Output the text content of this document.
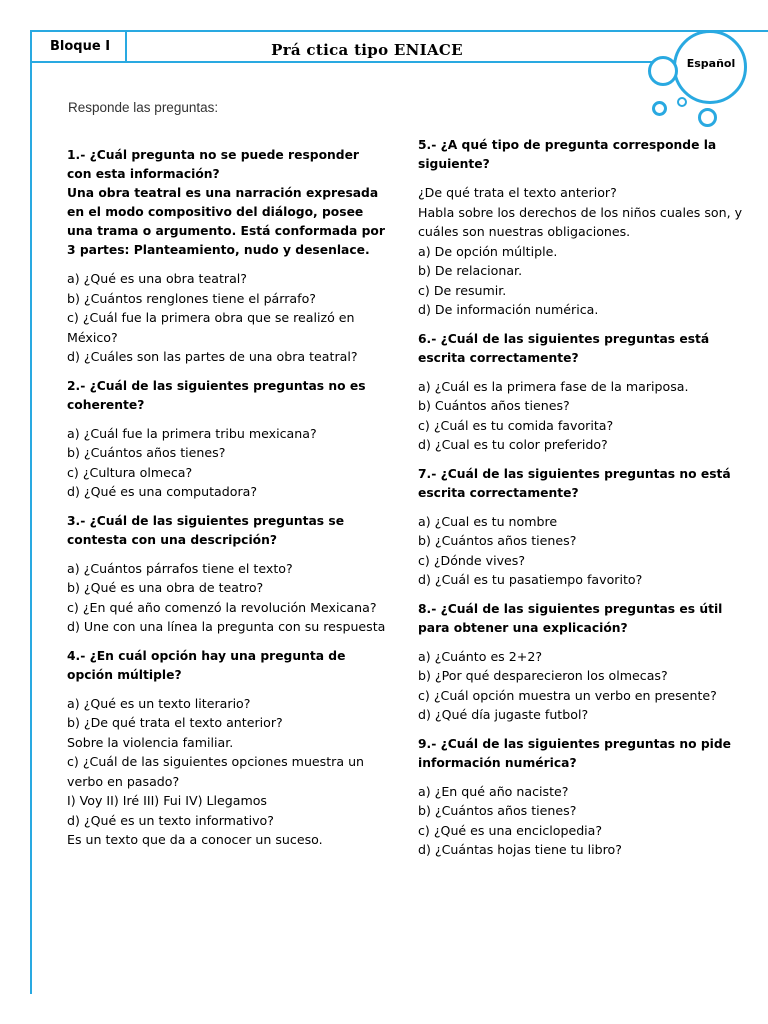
Bloque I	Prá ctica tipo ENIACE
Español
Responde las preguntas:
1.- ¿Cuál pregunta no se puede responder con esta información?
Una obra teatral es una narración expresada en el modo compositivo del diálogo, posee una trama o argumento. Está conformada por 3 partes: Planteamiento, nudo y desenlace.
a) ¿Qué es una obra teatral?
b) ¿Cuántos renglones tiene el párrafo?
c) ¿Cuál fue la primera obra que se realizó en México?
d) ¿Cuáles son las partes de una obra teatral?
2.- ¿Cuál de las siguientes preguntas no es coherente?
a) ¿Cuál fue la primera tribu mexicana?
b) ¿Cuántos años tienes?
c) ¿Cultura olmeca?
d) ¿Qué es una computadora?
3.- ¿Cuál de las siguientes preguntas se contesta con una descripción?
a) ¿Cuántos párrafos tiene el texto?
b) ¿Qué es una obra de teatro?
c) ¿En qué año comenzó la revolución Mexicana?
d) Une con una línea la pregunta con su respuesta
4.- ¿En cuál opción hay una pregunta de opción múltiple?
a) ¿Qué es un texto literario?
b) ¿De qué trata el texto anterior?
Sobre la violencia familiar.
c) ¿Cuál de las siguientes opciones muestra un verbo en pasado?
I) Voy II) Iré III) Fui IV) Llegamos
d) ¿Qué es un texto informativo?
Es un texto que da a conocer un suceso.
5.- ¿A qué tipo de pregunta corresponde la siguiente?
¿De qué trata el texto anterior?
Habla sobre los derechos de los niños cuales son, y cuáles son nuestras obligaciones.
a) De opción múltiple.
b) De relacionar.
c) De resumir.
d) De información numérica.
6.- ¿Cuál de las siguientes preguntas está escrita correctamente?
a) ¿Cuál es la primera fase de la mariposa.
b) Cuántos años tienes?
c) ¿Cuál es tu comida favorita?
d) ¿Cual es tu color preferido?
7.- ¿Cuál de las siguientes preguntas no está escrita correctamente?
a) ¿Cual es tu nombre
b) ¿Cuántos años tienes?
c) ¿Dónde vives?
d) ¿Cuál es tu pasatiempo favorito?
8.- ¿Cuál de las siguientes preguntas es útil para obtener una explicación?
a) ¿Cuánto es 2+2?
b) ¿Por qué desparecieron los olmecas?
c) ¿Cuál opción muestra un verbo en presente?
d) ¿Qué día jugaste futbol?
9.- ¿Cuál de las siguientes preguntas no pide información numérica?
a) ¿En qué año naciste?
b) ¿Cuántos años tienes?
c) ¿Qué es una enciclopedia?
d) ¿Cuántas hojas tiene tu libro?
